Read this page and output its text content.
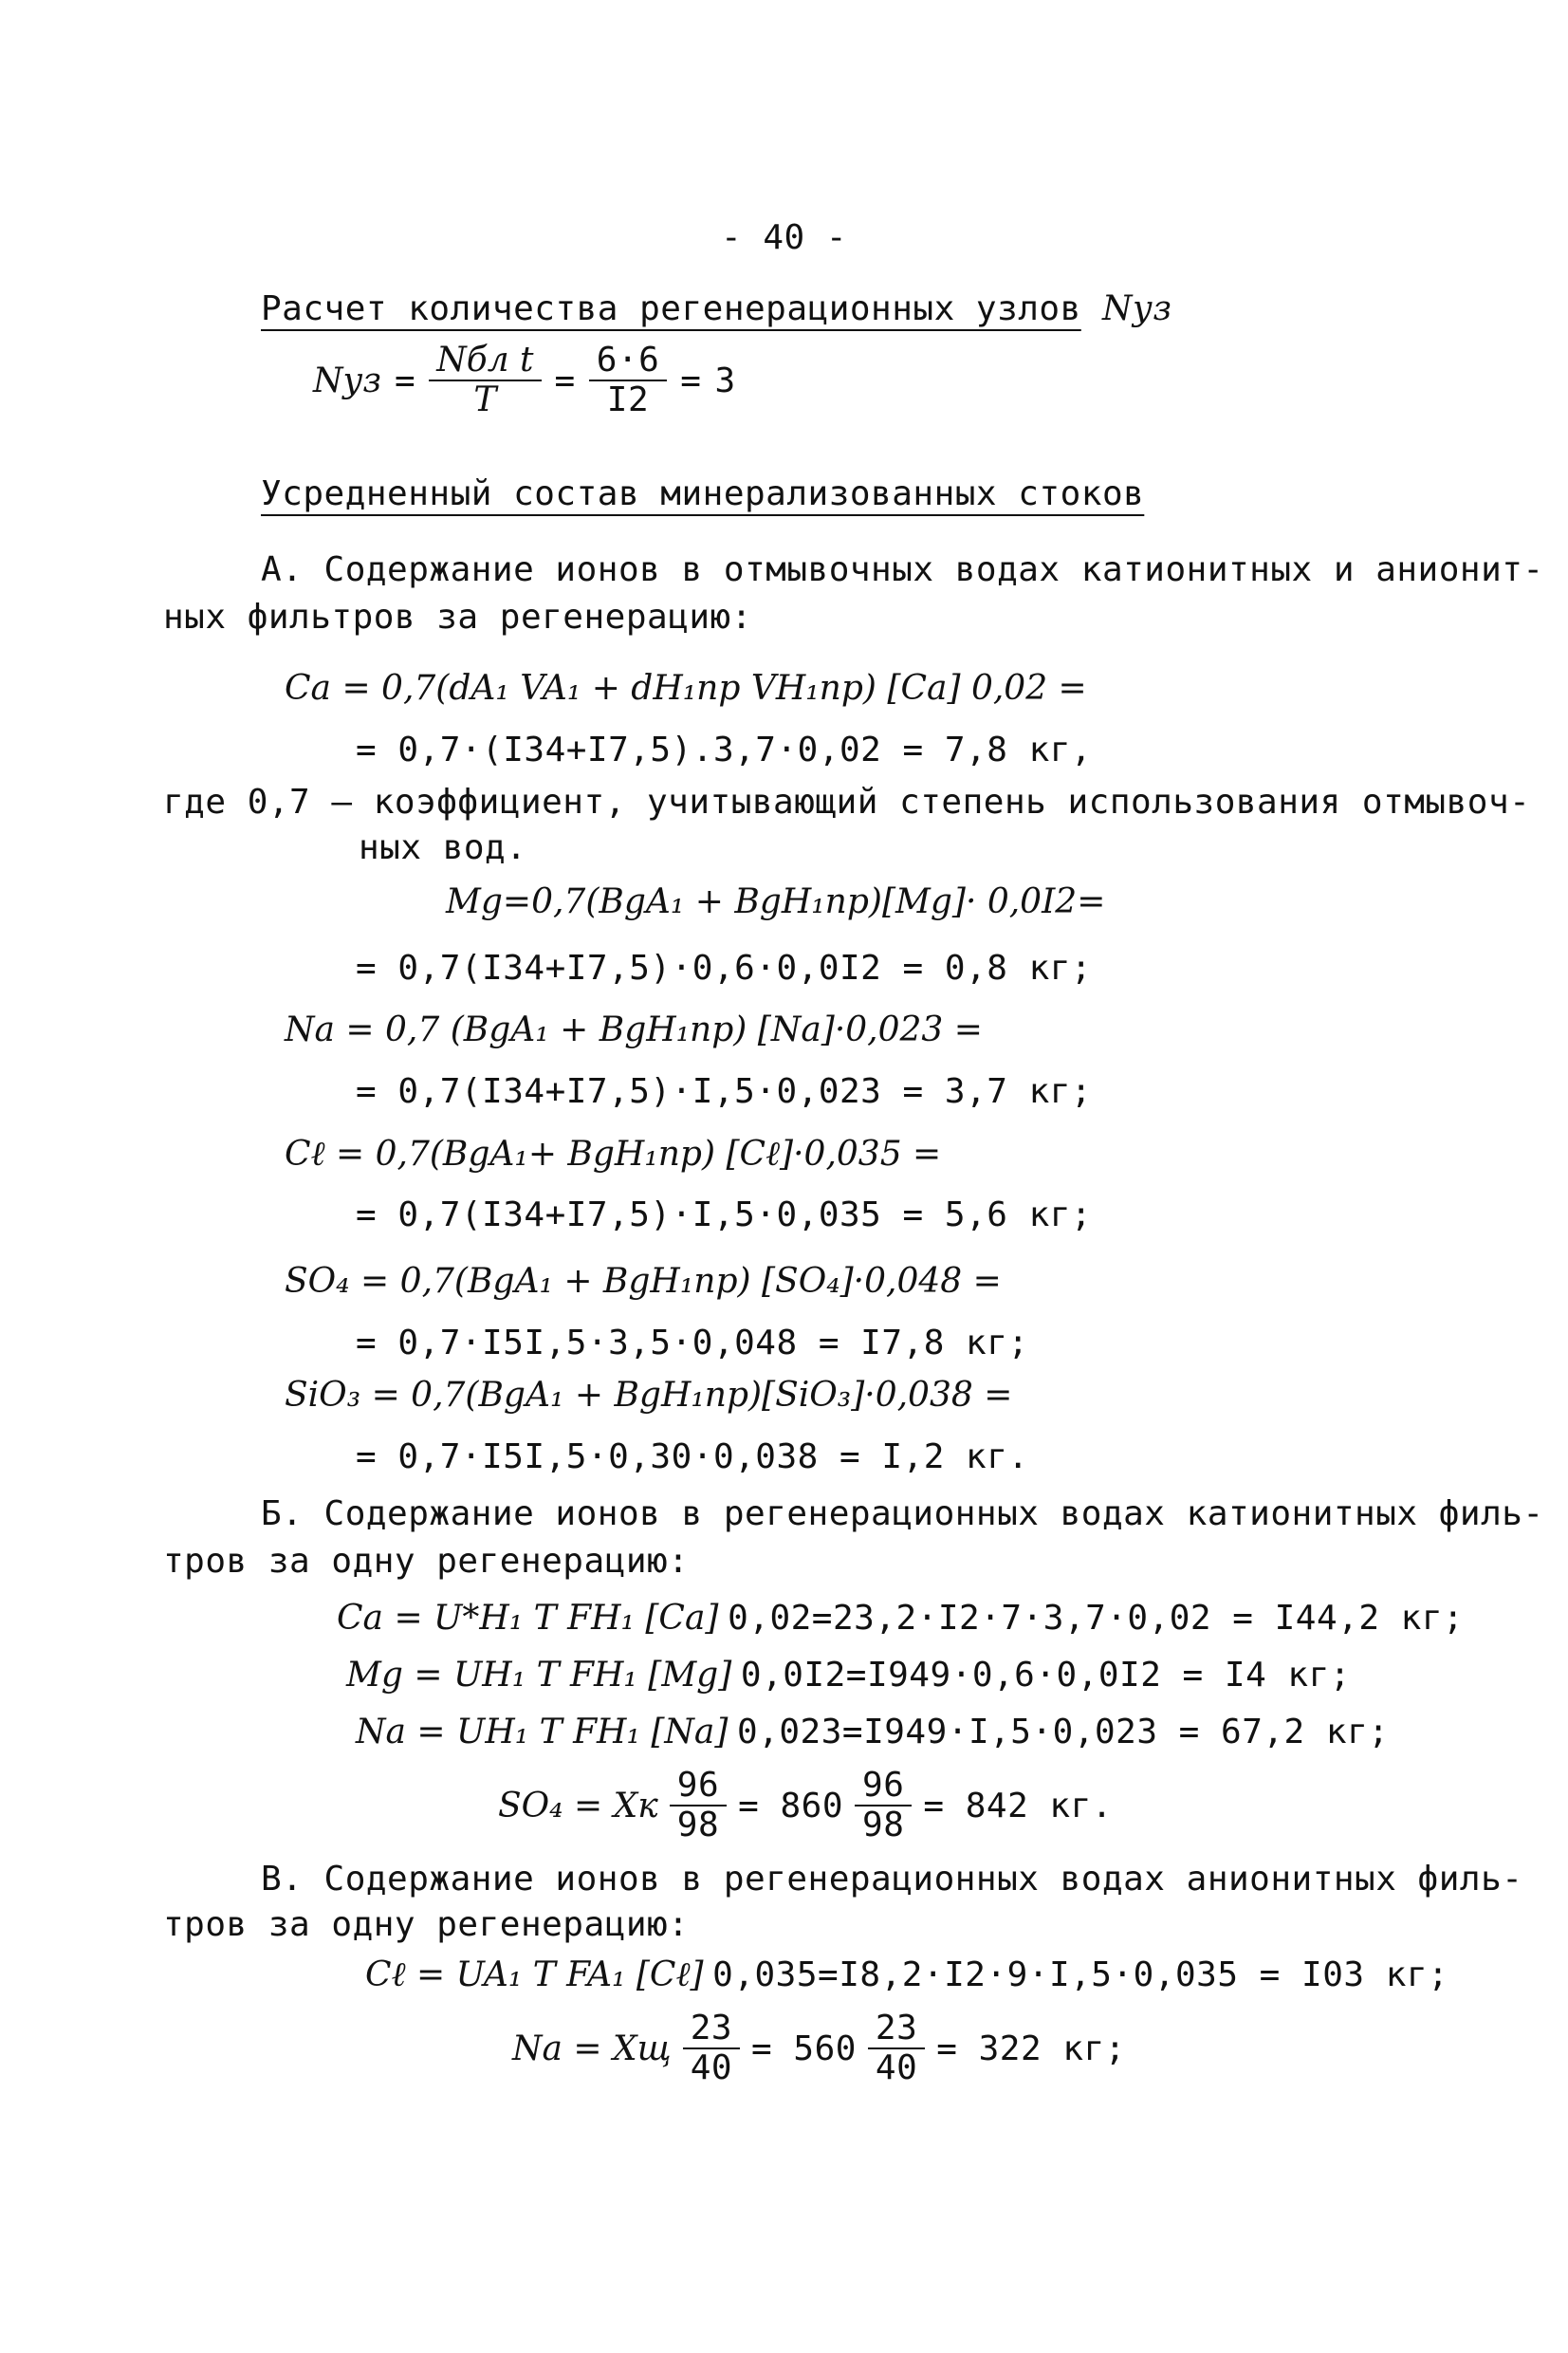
- 40 -
Расчет количества регенерационных узлов Nуз
Nуз = $\frac{\text{Nбл t}}{T} = \frac{6\cdot 6}{I2} = 3$
Усредненный состав минерализованных стоков
А. Содержание ионов в отмывочных водах катионитных и анионит-
ных фильтров за регенерацию:
Ca = 0,7(dA₁ VA₁ + dH₁пр VH₁пр) [Ca] 0,02 =
= 0,7·(I34+I7,5).3,7·0,02 = 7,8 кг,
где 0,7 – коэффициент, учитывающий степень использования отмывоч-
ных вод.
Mg=0,7(BgA₁ + BgH₁пр)[Mg]· 0,0I2=
= 0,7(I34+I7,5)·0,6·0,0I2 = 0,8 кг;
Na = 0,7 (BgA₁ + BgH₁пр) [Na]·0,023 =
= 0,7(I34+I7,5)·I,5·0,023 = 3,7 кг;
Cℓ = 0,7(BgA₁+ BgH₁пр) [Cℓ]·0,035 =
= 0,7(I34+I7,5)·I,5·0,035 = 5,6 кг;
SO₄ = 0,7(BgA₁ + BgH₁пр) [SO₄]·0,048 =
= 0,7·I5I,5·3,5·0,048 = I7,8 кг;
SiO₃ = 0,7(BgA₁ + BgH₁пр)[SiO₃]·0,038 =
= 0,7·I5I,5·0,30·0,038 = I,2 кг.
Б. Содержание ионов в регенерационных водах катионитных филь-
тров за одну регенерацию:
Ca = U*H₁ T FH₁ [Ca] 0,02=23,2·I2·7·3,7·0,02 = I44,2 кг;
Mg = UH₁ T FH₁ [Mg] 0,0I2=I949·0,6·0,0I2 = I4 кг;
Na = UH₁ T FH₁ [Na] 0,023=I949·I,5·0,023 = 67,2 кг;
SO₄ = Xк $\frac{96}{98} = 860 \frac{96}{98} = 842$ кг.
В. Содержание ионов в регенерационных водах анионитных филь-
тров за одну регенерацию:
Cℓ = UA₁ T FA₁ [Cℓ] 0,035=I8,2·I2·9·I,5·0,035 = I03 кг;
Na = Xщ $\frac{23}{40} = 560 \frac{23}{40} = 322$ кг;
